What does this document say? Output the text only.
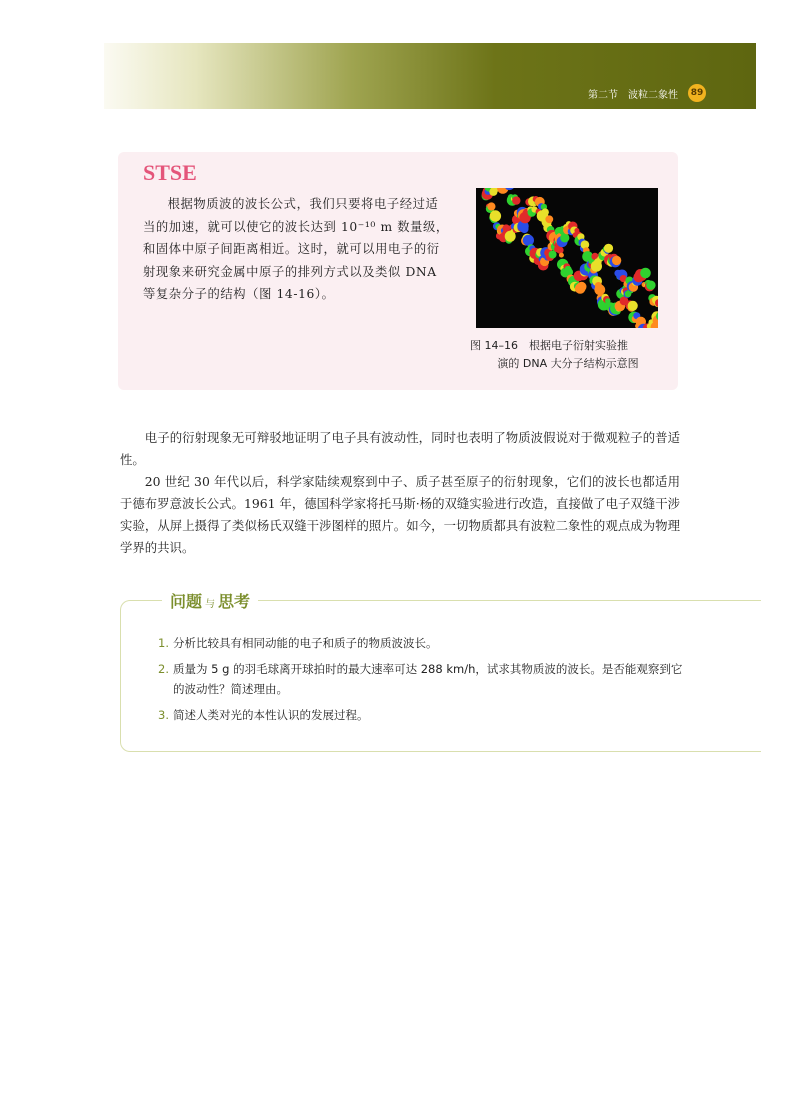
第二节 波粒二象性	89
STSE
根据物质波的波长公式，我们只要将电子经过适当的加速，就可以使它的波长达到 10⁻¹⁰ m 数量级，和固体中原子间距离相近。这时，就可以用电子的衍射现象来研究金属中原子的排列方式以及类似 DNA 等复杂分子的结构（图 14-16）。
图 14–16　根据电子衍射实验推
演的 DNA 大分子结构示意图
电子的衍射现象无可辩驳地证明了电子具有波动性，同时也表明了物质波假说对于微观粒子的普适性。
20 世纪 30 年代以后，科学家陆续观察到中子、质子甚至原子的衍射现象，它们的波长也都适用于德布罗意波长公式。1961 年，德国科学家将托马斯·杨的双缝实验进行改造，直接做了电子双缝干涉实验，从屏上摄得了类似杨氏双缝干涉图样的照片。如今，一切物质都具有波粒二象性的观点成为物理学界的共识。
问题 与 思考
1. 分析比较具有相同动能的电子和质子的物质波波长。
2. 质量为 5 g 的羽毛球离开球拍时的最大速率可达 288 km/h，试求其物质波的波长。是否能观察到它的波动性？简述理由。
3. 简述人类对光的本性认识的发展过程。
